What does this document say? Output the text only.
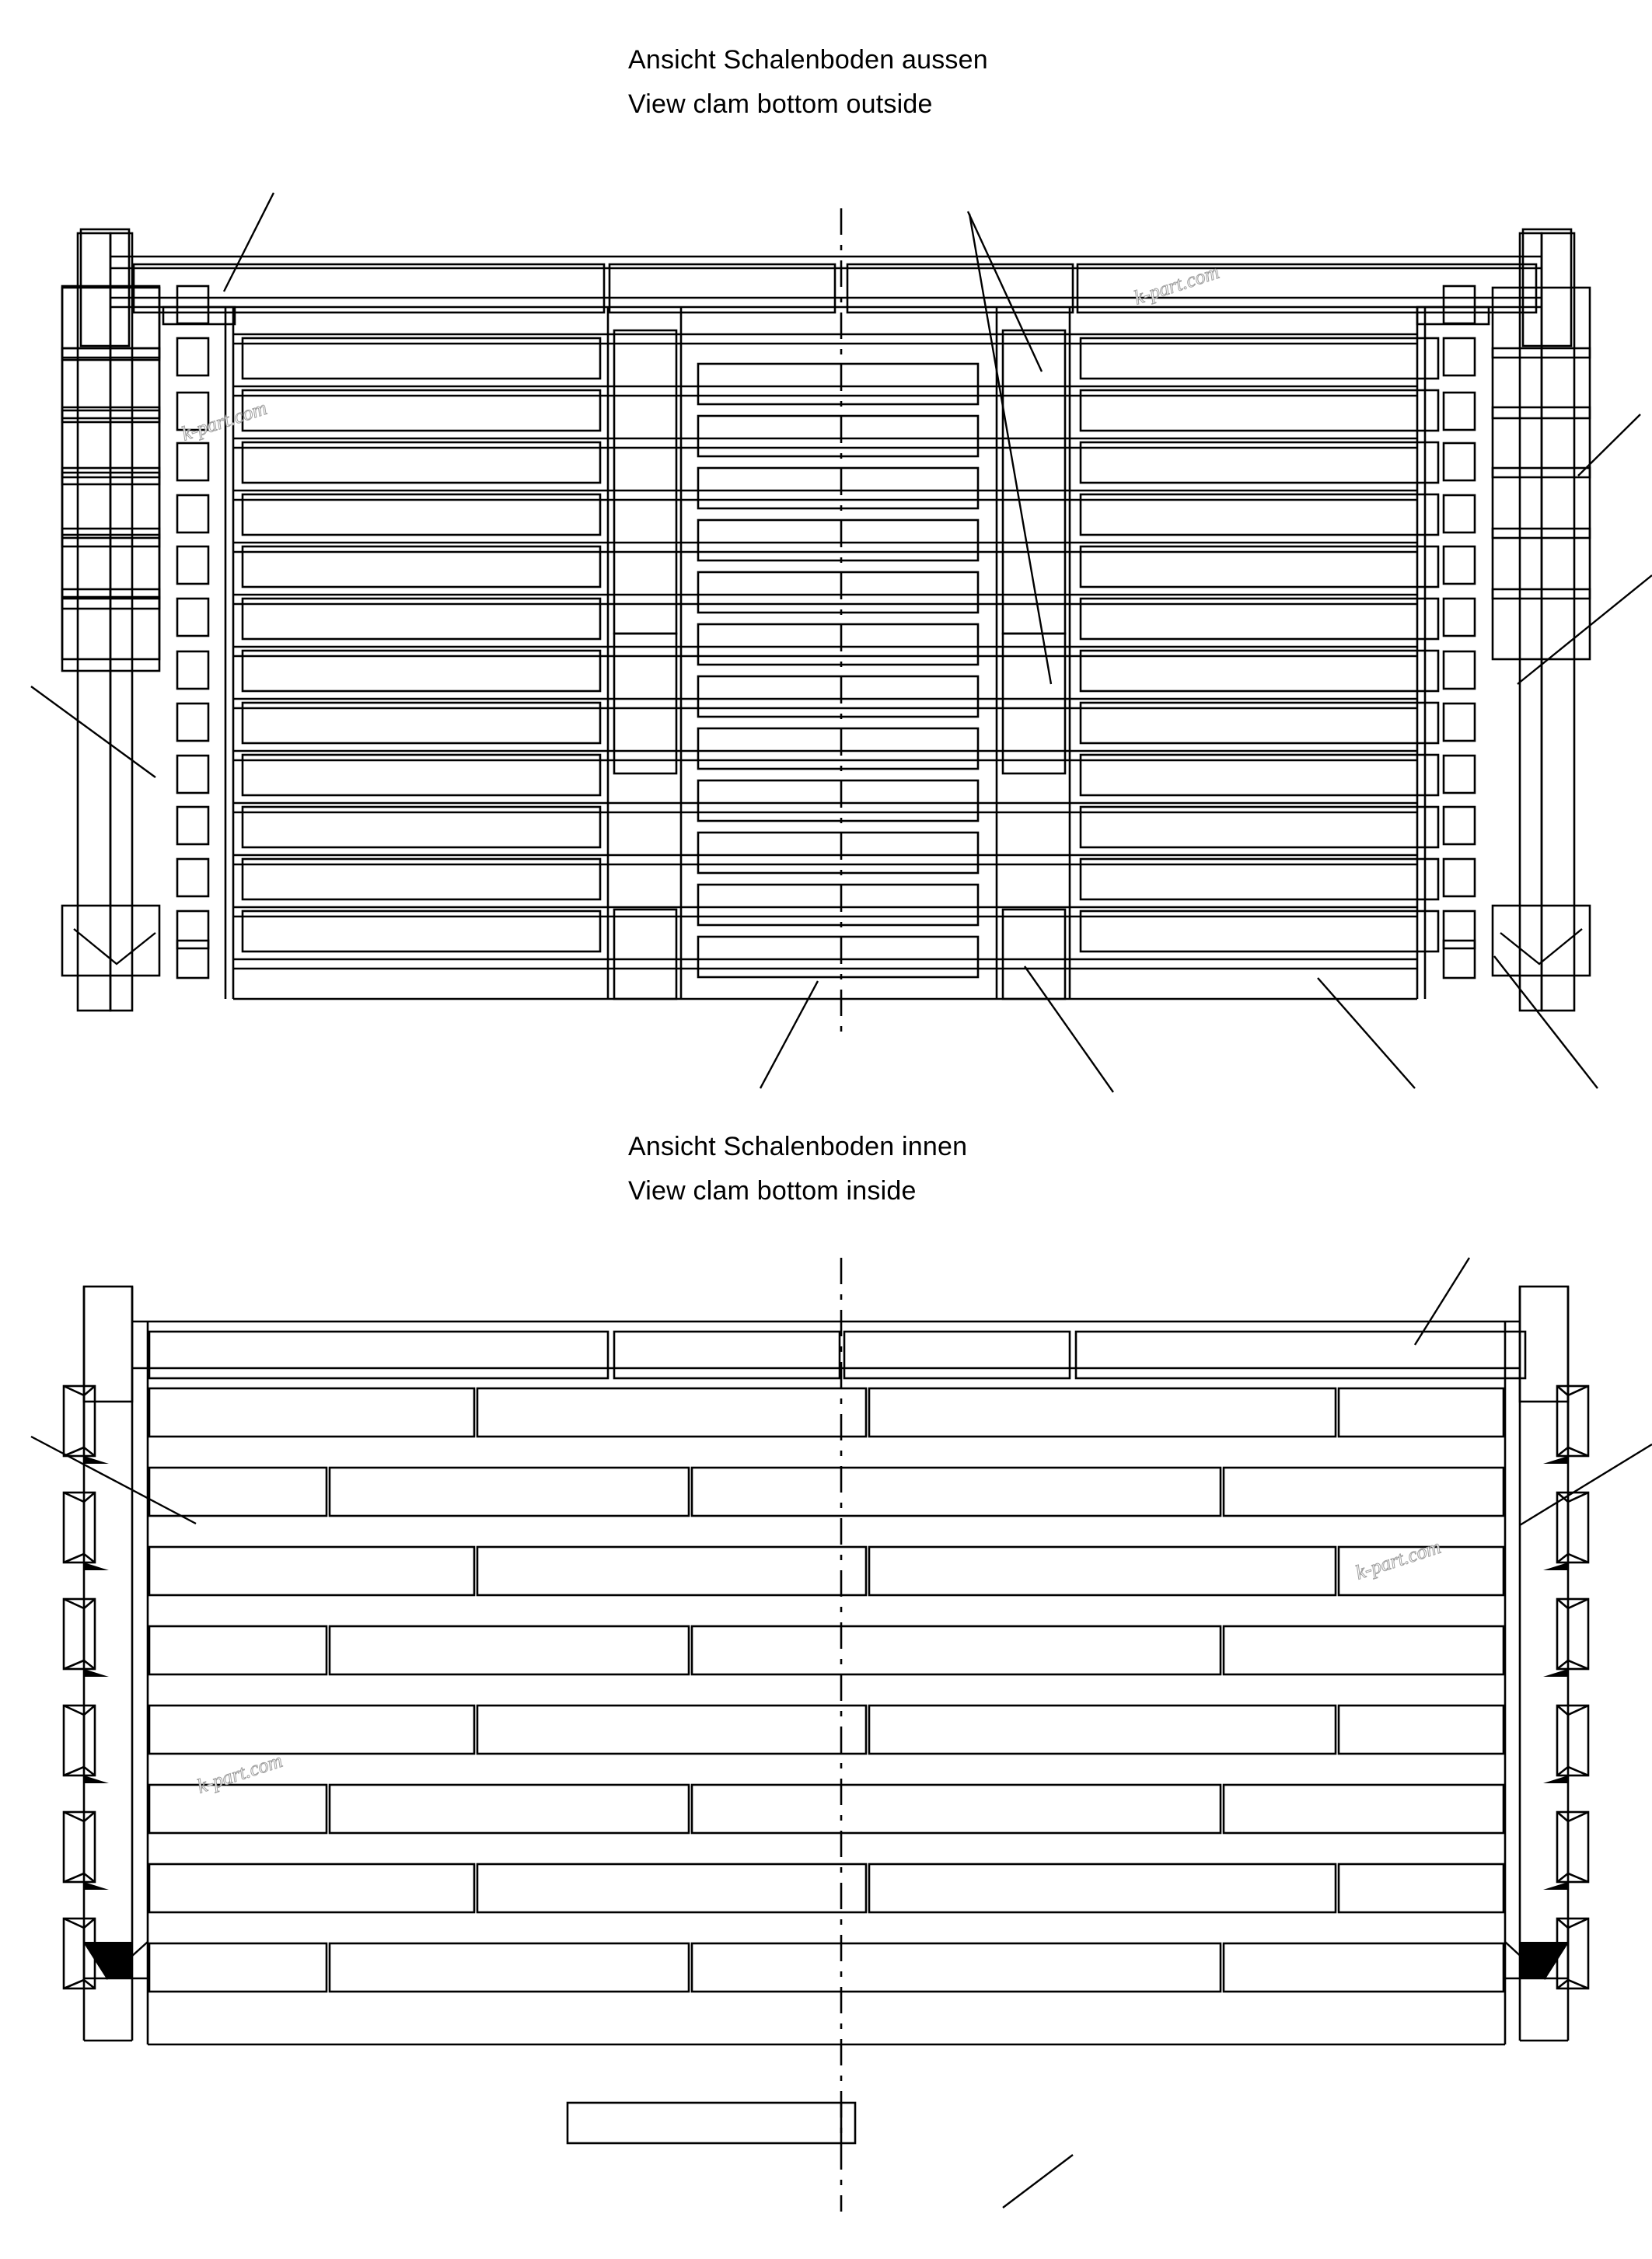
Ansicht Schalenboden aussen
View clam bottom outside
Ansicht Schalenboden innen
View clam bottom inside
k-part.com
k-part.com
k-part.com
k-part.com
